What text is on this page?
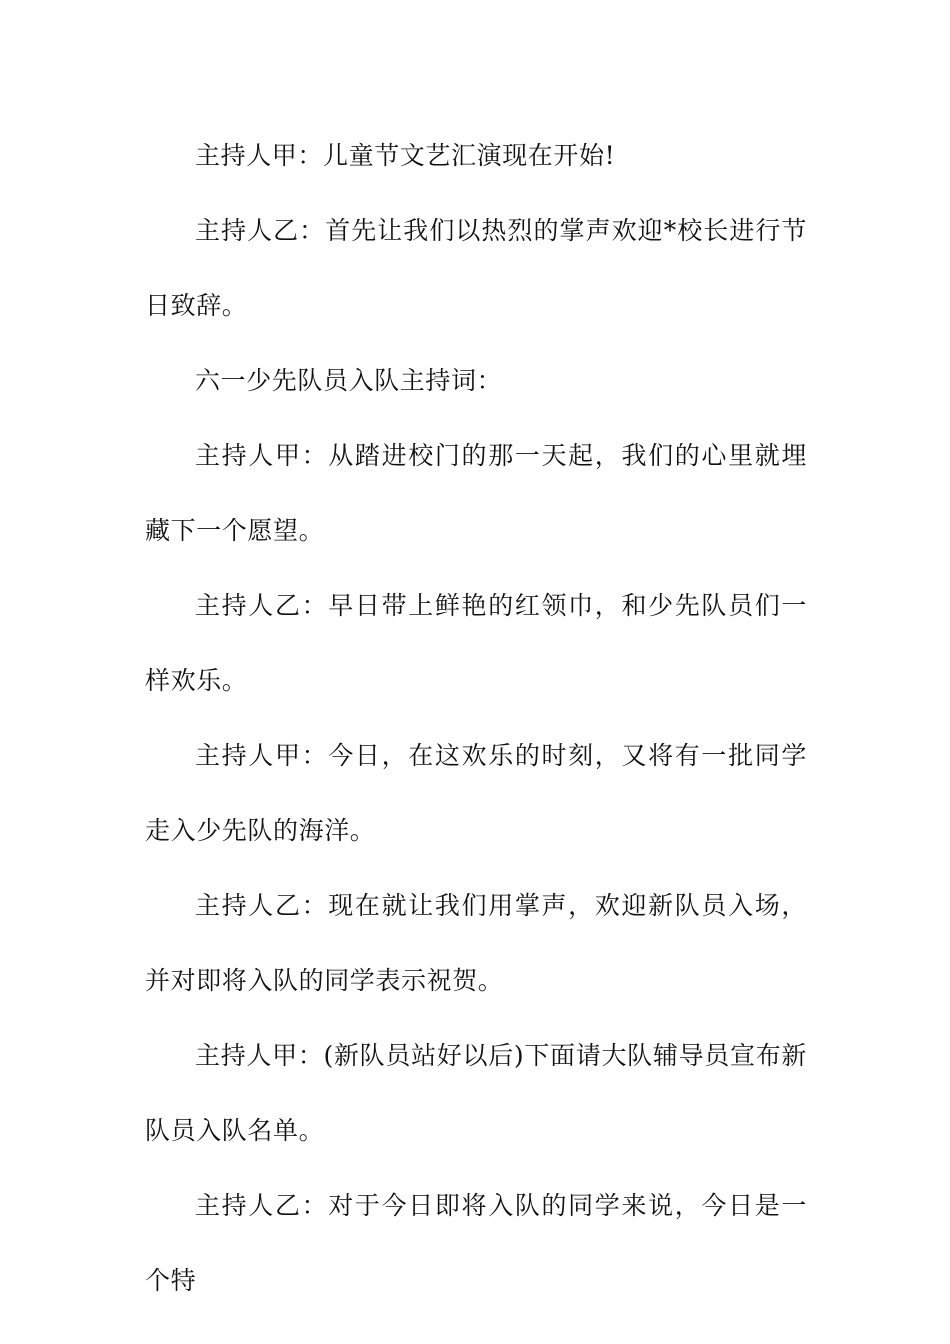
主持人甲：儿童节文艺汇演现在开始!

主持人乙：首先让我们以热烈的掌声欢迎*校长进行节日致辞。

六一少先队员入队主持词：

主持人甲：从踏进校门的那一天起，我们的心里就埋藏下一个愿望。

主持人乙：早日带上鲜艳的红领巾，和少先队员们一样欢乐。

主持人甲：今日，在这欢乐的时刻，又将有一批同学走入少先队的海洋。

主持人乙：现在就让我们用掌声，欢迎新队员入场，并对即将入队的同学表示祝贺。

主持人甲：(新队员站好以后)下面请大队辅导员宣布新队员入队名单。

主持人乙：对于今日即将入队的同学来说，今日是一个特
